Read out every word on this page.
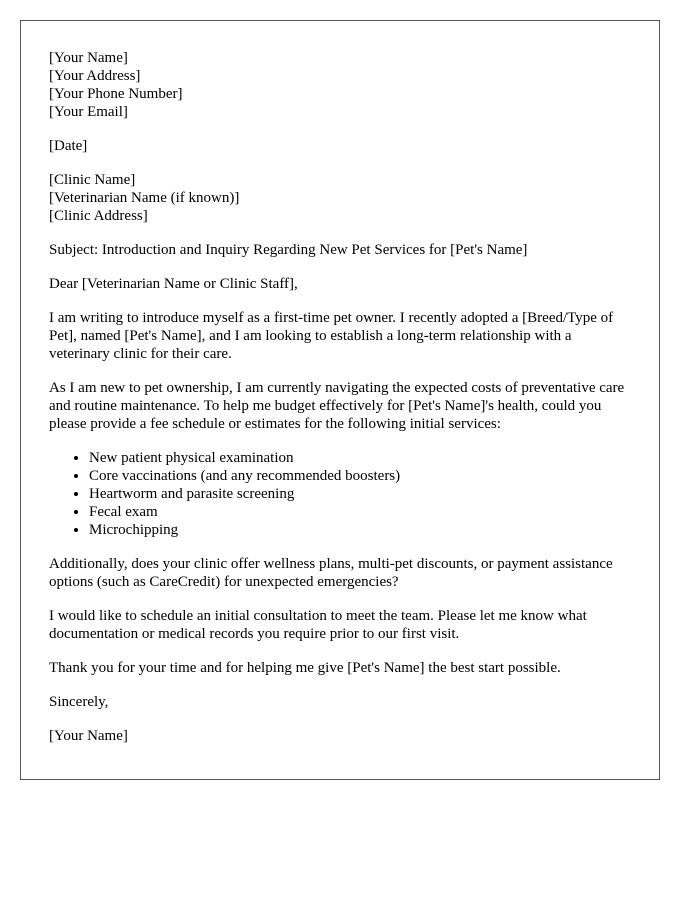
[Your Name]
[Your Address]
[Your Phone Number]
[Your Email]
[Date]
[Clinic Name]
[Veterinarian Name (if known)]
[Clinic Address]

Subject: Introduction and Inquiry Regarding New Pet Services for [Pet's Name]

Dear [Veterinarian Name or Clinic Staff],

I am writing to introduce myself as a first-time pet owner. I recently adopted a [Breed/Type of Pet], named [Pet's Name], and I am looking to establish a long-term relationship with a veterinary clinic for their care.

As I am new to pet ownership, I am currently navigating the expected costs of preventative care and routine maintenance. To help me budget effectively for [Pet's Name]'s health, could you please provide a fee schedule or estimates for the following initial services:

• New patient physical examination
• Core vaccinations (and any recommended boosters)
• Heartworm and parasite screening
• Fecal exam
• Microchipping

Additionally, does your clinic offer wellness plans, multi-pet discounts, or payment assistance options (such as CareCredit) for unexpected emergencies?

I would like to schedule an initial consultation to meet the team. Please let me know what documentation or medical records you require prior to our first visit.

Thank you for your time and for helping me give [Pet's Name] the best start possible.

Sincerely,

[Your Name]
